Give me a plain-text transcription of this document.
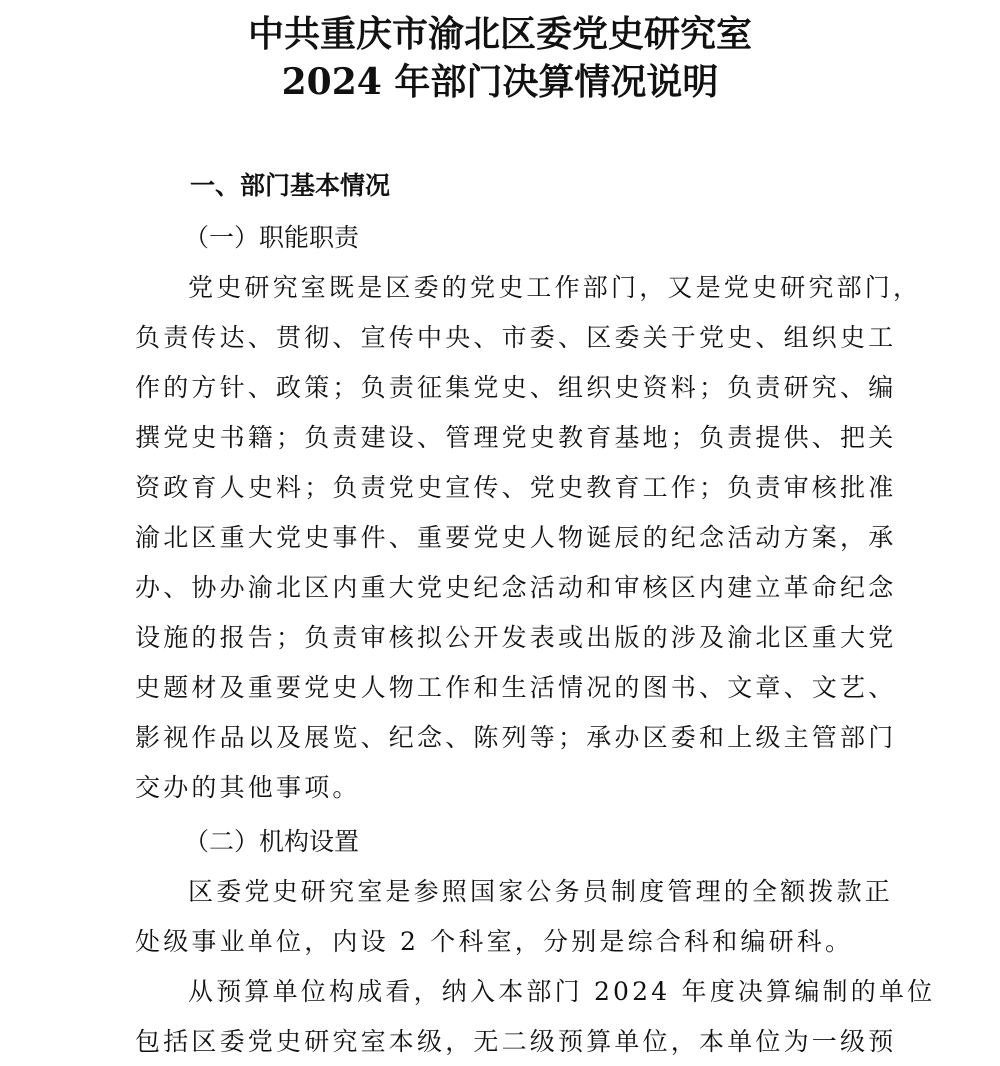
中共重庆市渝北区委党史研究室
2024 年部门决算情况说明
一、部门基本情况
（一）职能职责
党史研究室既是区委的党史工作部门，又是党史研究部门，
负责传达、贯彻、宣传中央、市委、区委关于党史、组织史工
作的方针、政策；负责征集党史、组织史资料；负责研究、编
撰党史书籍；负责建设、管理党史教育基地；负责提供、把关
资政育人史料；负责党史宣传、党史教育工作；负责审核批准
渝北区重大党史事件、重要党史人物诞辰的纪念活动方案，承
办、协办渝北区内重大党史纪念活动和审核区内建立革命纪念
设施的报告；负责审核拟公开发表或出版的涉及渝北区重大党
史题材及重要党史人物工作和生活情况的图书、文章、文艺、
影视作品以及展览、纪念、陈列等；承办区委和上级主管部门
交办的其他事项。
（二）机构设置
区委党史研究室是参照国家公务员制度管理的全额拨款正
处级事业单位，内设 2 个科室，分别是综合科和编研科。
从预算单位构成看，纳入本部门 2024 年度决算编制的单位
包括区委党史研究室本级，无二级预算单位，本单位为一级预
